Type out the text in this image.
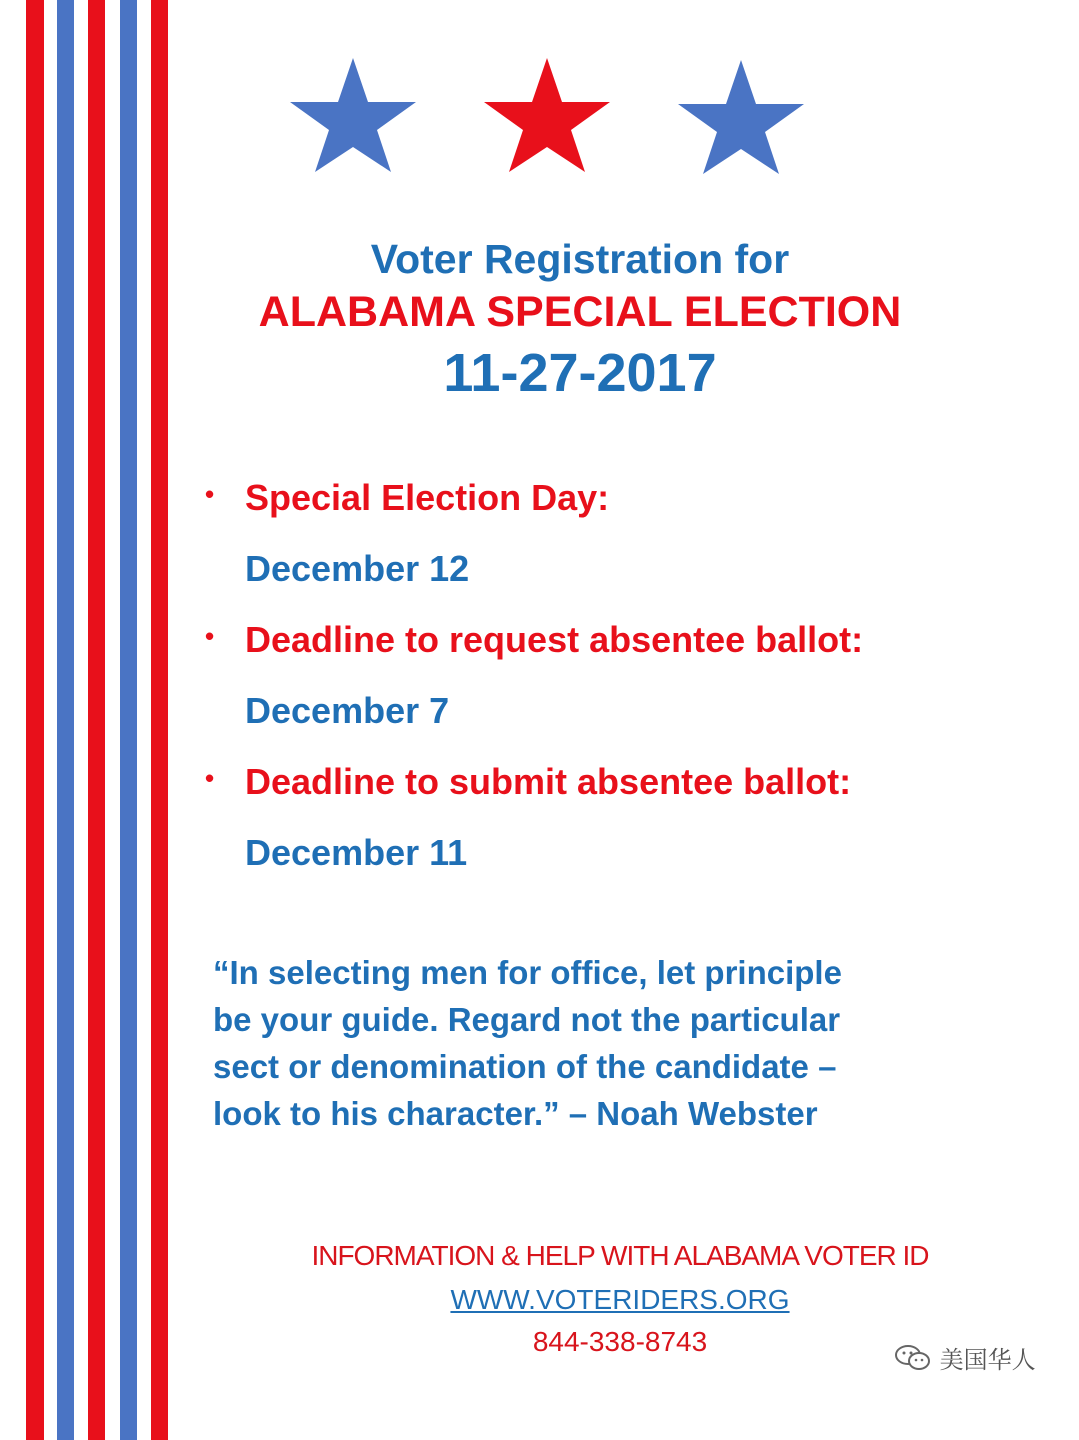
Voter Registration for
ALABAMA SPECIAL ELECTION
11-27-2017
• Special Election Day:
December 12
• Deadline to request absentee ballot:
December 7
• Deadline to submit absentee ballot:
December 11
“In selecting men for office, let principle
be your guide. Regard not the particular
sect or denomination of the candidate –
look to his character.” – Noah Webster
INFORMATION & HELP WITH ALABAMA VOTER ID
WWW.VOTERIDERS.ORG
844-338-8743
美国华人
